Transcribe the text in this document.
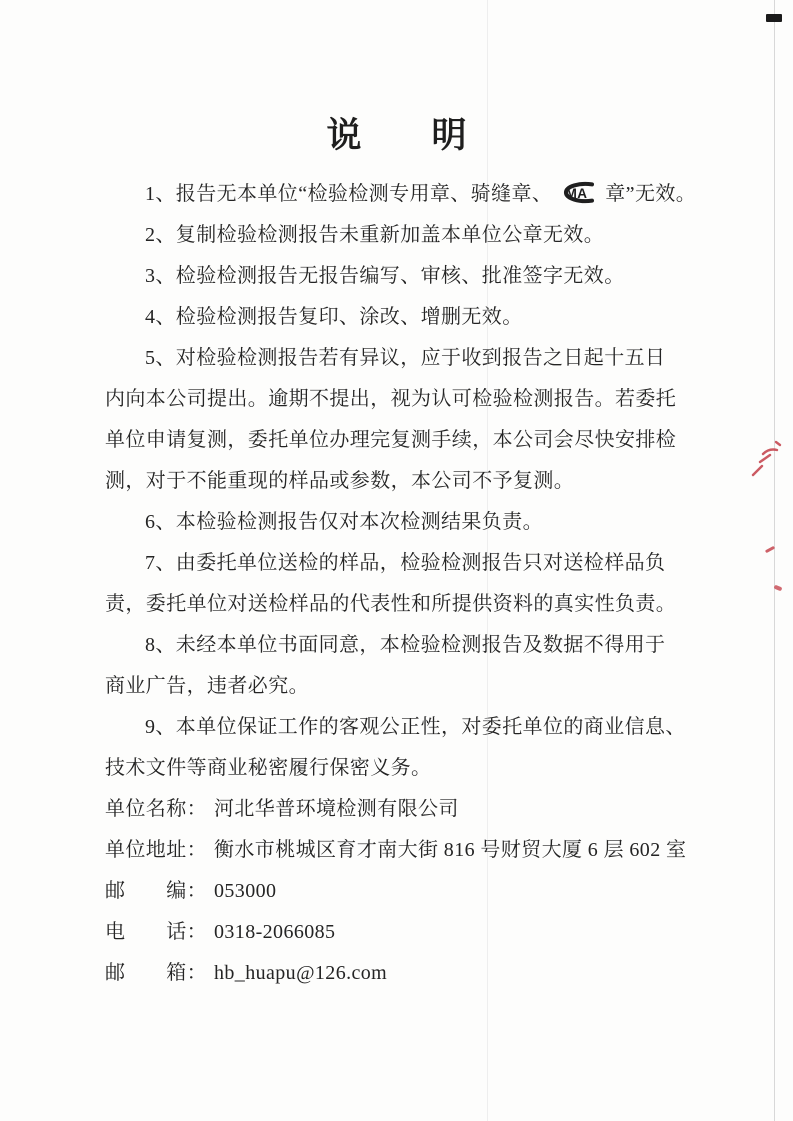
说 明
1、报告无本单位“检验检测专用章、骑缝章、 MA 章”无效。
2、复制检验检测报告未重新加盖本单位公章无效。
3、检验检测报告无报告编写、审核、批准签字无效。
4、检验检测报告复印、涂改、增删无效。
5、对检验检测报告若有异议，应于收到报告之日起十五日
内向本公司提出。逾期不提出，视为认可检验检测报告。若委托
单位申请复测，委托单位办理完复测手续，本公司会尽快安排检
测，对于不能重现的样品或参数，本公司不予复测。
6、本检验检测报告仅对本次检测结果负责。
7、由委托单位送检的样品，检验检测报告只对送检样品负
责，委托单位对送检样品的代表性和所提供资料的真实性负责。
8、未经本单位书面同意，本检验检测报告及数据不得用于
商业广告，违者必究。
9、本单位保证工作的客观公正性，对委托单位的商业信息、
技术文件等商业秘密履行保密义务。
单位名称： 河北华普环境检测有限公司
单位地址： 衡水市桃城区育才南大街 816 号财贸大厦 6 层 602 室
邮　　编： 053000
电　　话： 0318-2066085
邮　　箱： hb_huapu@126.com
